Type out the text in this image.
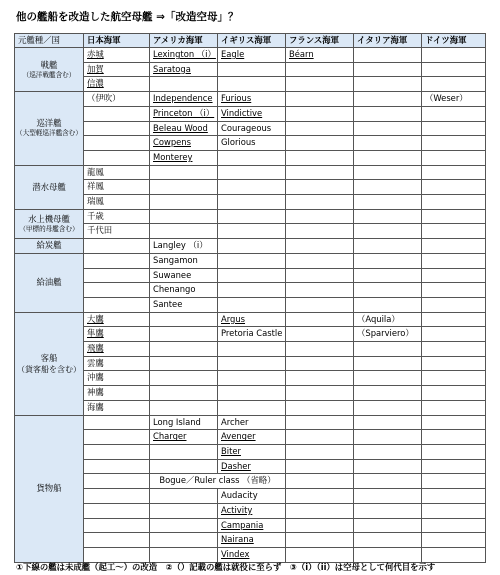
他の艦船を改造した航空母艦 ⇒「改造空母」？
元艦種／国	日本海軍	アメリカ海軍	イギリス海軍	フランス海軍	イタリア海軍	ドイツ海軍

戦艦
（巡洋戦艦含む）	赤城	Lexington （i）	Eagle	Béarn		
	加賀	Saratoga				
	信濃					

巡洋艦
（大型軽巡洋艦含む）	（伊吹）	Independence	Furious			（Weser）
		Princeton （i）	Vindictive			
		Beleau Wood	Courageous			
		Cowpens	Glorious			
		Monterey				

潜水母艦	龍鳳					
	祥鳳					
	瑞鳳					

水上機母艦
（甲標的母艦含む）	千歳					
	千代田					

給炭艦		Langley （i）				

給油艦		Sangamon				
		Suwanee				
		Chenango				
		Santee				

客船
（貨客船を含む）	大鷹		Argus		（Aquila）	
	隼鷹		Pretoria Castle		（Sparviero）	
	飛鷹					
	雲鷹					
	沖鷹					
	神鷹					
	海鷹					

貨物船		Long Island	Archer			
		Charger	Avenger			
			Biter			
			Dasher			
		Bogue／Ruler class （省略）				
			Audacity			
			Activity			
			Campania			
			Nairana			
			Vindex			
①下線の艦は未成艦（起工～）の改造　②（）記載の艦は就役に至らず　③（i）（ii）は空母として何代目を示す
